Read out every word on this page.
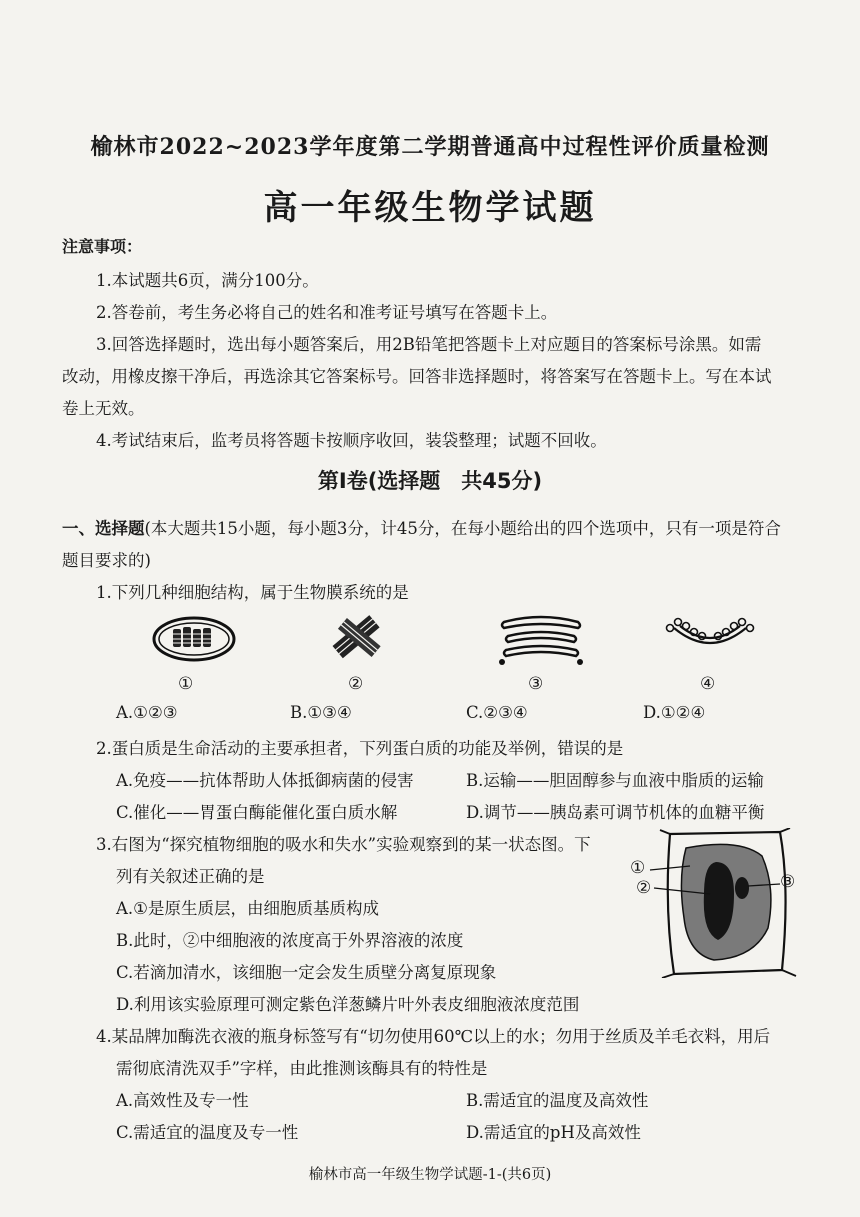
榆林市2022~2023学年度第二学期普通高中过程性评价质量检测
高一年级生物学试题
注意事项：
1.本试题共6页，满分100分。
2.答卷前，考生务必将自己的姓名和准考证号填写在答题卡上。
3.回答选择题时，选出每小题答案后，用2B铅笔把答题卡上对应题目的答案标号涂黑。如需
改动，用橡皮擦干净后，再选涂其它答案标号。回答非选择题时，将答案写在答题卡上。写在本试
卷上无效。
4.考试结束后，监考员将答题卡按顺序收回，装袋整理；试题不回收。
第Ⅰ卷(选择题　共45分)
一、选择题(本大题共15小题，每小题3分，计45分，在每小题给出的四个选项中，只有一项是符合
题目要求的)
1.下列几种细胞结构，属于生物膜系统的是
①	②	③	④
A.①②③	B.①③④	C.②③④	D.①②④
2.蛋白质是生命活动的主要承担者，下列蛋白质的功能及举例，错误的是
A.免疫——抗体帮助人体抵御病菌的侵害	B.运输——胆固醇参与血液中脂质的运输
C.催化——胃蛋白酶能催化蛋白质水解	D.调节——胰岛素可调节机体的血糖平衡
3.右图为“探究植物细胞的吸水和失水”实验观察到的某一状态图。下
列有关叙述正确的是
A.①是原生质层，由细胞质基质构成
B.此时，②中细胞液的浓度高于外界溶液的浓度
C.若滴加清水，该细胞一定会发生质壁分离复原现象
D.利用该实验原理可测定紫色洋葱鳞片叶外表皮细胞液浓度范围
①
②	③
4.某品牌加酶洗衣液的瓶身标签写有“切勿使用60℃以上的水；勿用于丝质及羊毛衣料，用后
需彻底清洗双手”字样，由此推测该酶具有的特性是
A.高效性及专一性	B.需适宜的温度及高效性
C.需适宜的温度及专一性	D.需适宜的pH及高效性
榆林市高一年级生物学试题-1-(共6页)
